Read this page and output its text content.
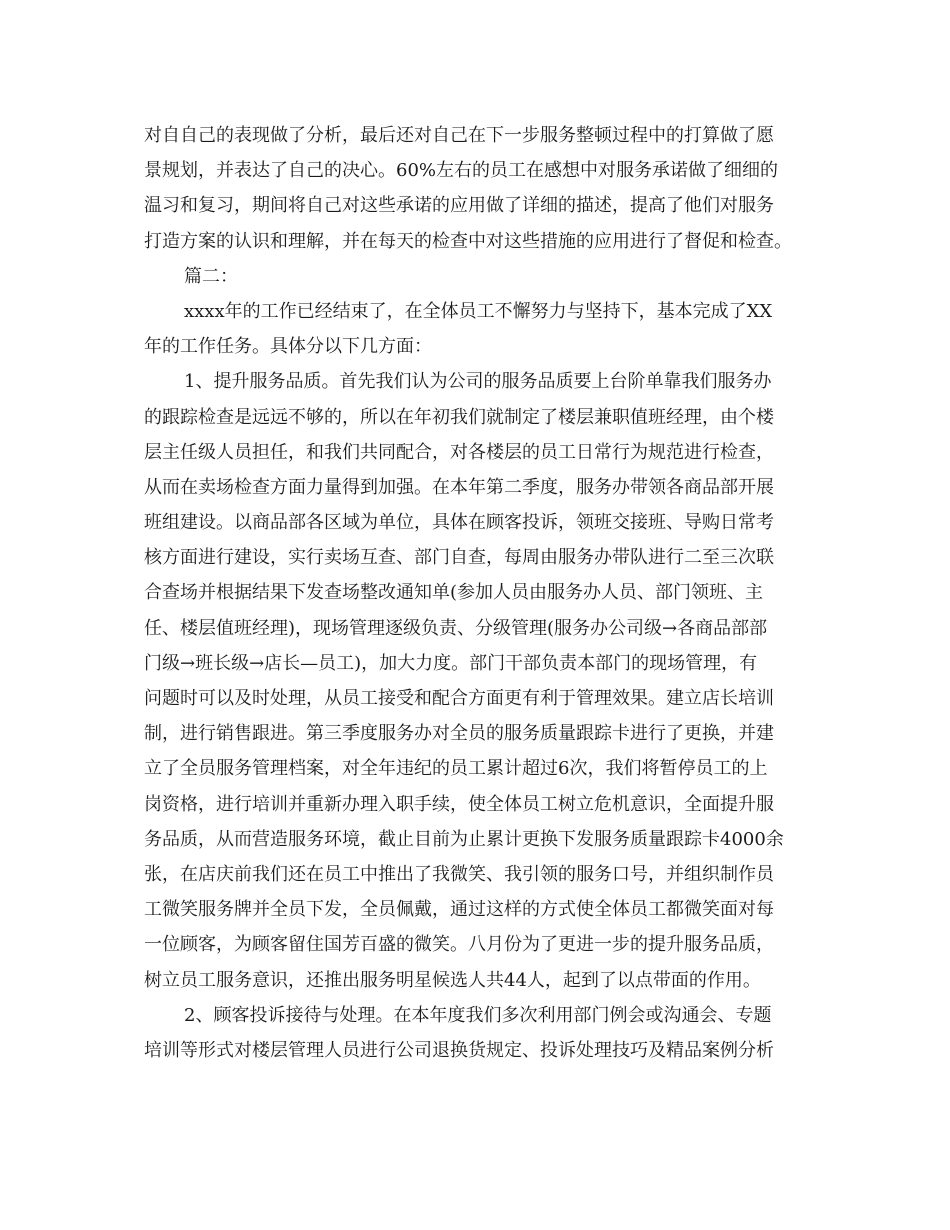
对自自己的表现做了分析，最后还对自己在下一步服务整顿过程中的打算做了愿
景规划，并表达了自己的决心。60%左右的员工在感想中对服务承诺做了细细的
温习和复习，期间将自己对这些承诺的应用做了详细的描述，提高了他们对服务
打造方案的认识和理解，并在每天的检查中对这些措施的应用进行了督促和检查。
篇二：
xxxx年的工作已经结束了，在全体员工不懈努力与坚持下，基本完成了XX
年的工作任务。具体分以下几方面：
1、提升服务品质。首先我们认为公司的服务品质要上台阶单靠我们服务办
的跟踪检查是远远不够的，所以在年初我们就制定了楼层兼职值班经理，由个楼
层主任级人员担任，和我们共同配合，对各楼层的员工日常行为规范进行检查，
从而在卖场检查方面力量得到加强。在本年第二季度，服务办带领各商品部开展
班组建设。以商品部各区域为单位，具体在顾客投诉，领班交接班、导购日常考
核方面进行建设，实行卖场互查、部门自查，每周由服务办带队进行二至三次联
合查场并根据结果下发查场整改通知单(参加人员由服务办人员、部门领班、主
任、楼层值班经理)，现场管理逐级负责、分级管理(服务办公司级→各商品部部
门级→班长级→店长—员工)，加大力度。部门干部负责本部门的现场管理，有
问题时可以及时处理，从员工接受和配合方面更有利于管理效果。建立店长培训
制，进行销售跟进。第三季度服务办对全员的服务质量跟踪卡进行了更换，并建
立了全员服务管理档案，对全年违纪的员工累计超过6次，我们将暂停员工的上
岗资格，进行培训并重新办理入职手续，使全体员工树立危机意识，全面提升服
务品质，从而营造服务环境，截止目前为止累计更换下发服务质量跟踪卡4000余
张，在店庆前我们还在员工中推出了我微笑、我引领的服务口号，并组织制作员
工微笑服务牌并全员下发，全员佩戴，通过这样的方式使全体员工都微笑面对每
一位顾客，为顾客留住国芳百盛的微笑。八月份为了更进一步的提升服务品质，
树立员工服务意识，还推出服务明星候选人共44人，起到了以点带面的作用。
2、顾客投诉接待与处理。在本年度我们多次利用部门例会或沟通会、专题
培训等形式对楼层管理人员进行公司退换货规定、投诉处理技巧及精品案例分析
